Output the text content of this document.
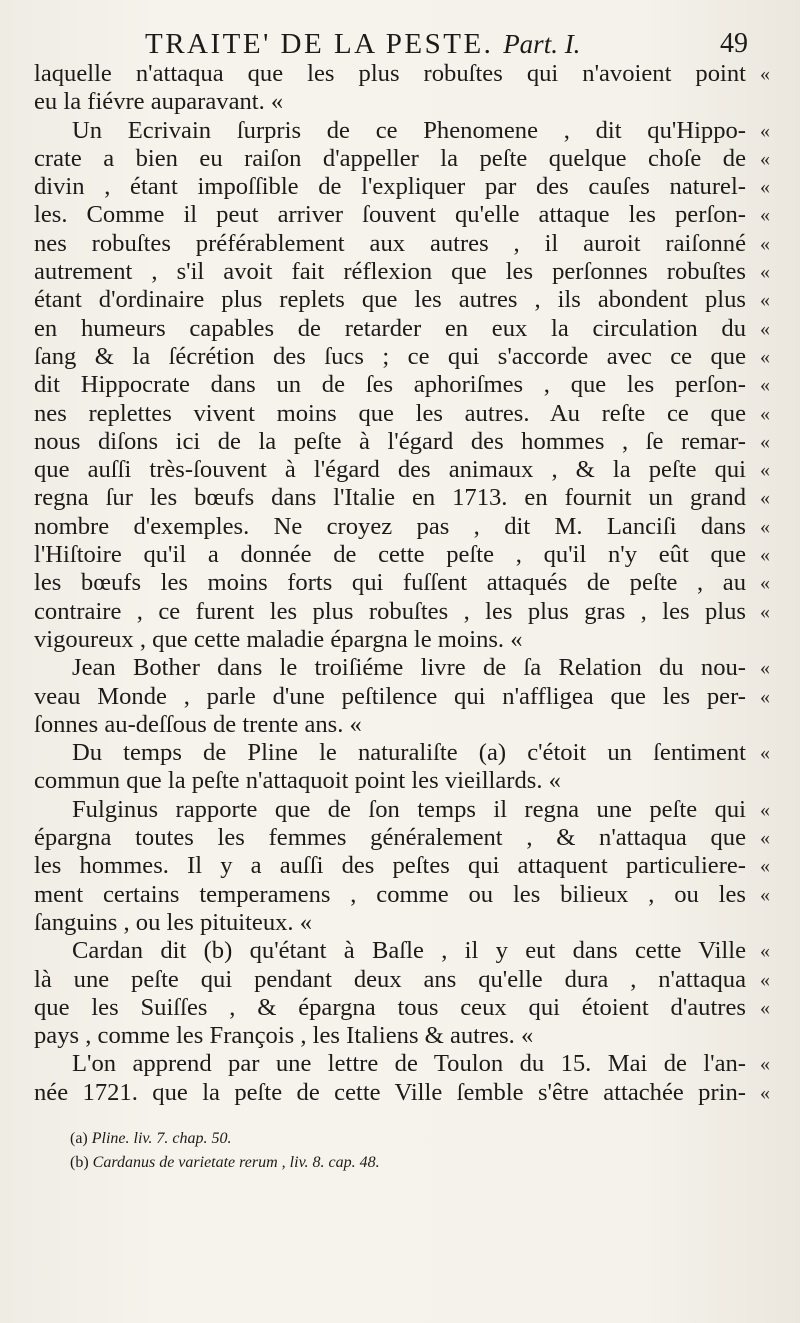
TRAITE' DE LA PESTE. Part. I.	49
laquelle n'attaqua que les plus robuſtes qui n'avoient point «
eu la fiévre auparavant. «
Un Ecrivain ſurpris de ce Phenomene , dit qu'Hippo- «
crate a bien eu raiſon d'appeller la peſte quelque choſe de «
divin , étant impoſſible de l'expliquer par des cauſes naturel- «
les. Comme il peut arriver ſouvent qu'elle attaque les perſon- «
nes robuſtes préférablement aux autres , il auroit raiſonné «
autrement , s'il avoit fait réflexion que les perſonnes robuſtes «
étant d'ordinaire plus replets que les autres , ils abondent plus «
en humeurs capables de retarder en eux la circulation du «
ſang & la ſécrétion des ſucs ; ce qui s'accorde avec ce que «
dit Hippocrate dans un de ſes aphoriſmes , que les perſon- «
nes replettes vivent moins que les autres. Au reſte ce que «
nous diſons ici de la peſte à l'égard des hommes , ſe remar- «
que auſſi très-ſouvent à l'égard des animaux , & la peſte qui «
regna ſur les bœufs dans l'Italie en 1713. en fournit un grand «
nombre d'exemples. Ne croyez pas , dit M. Lanciſi dans «
l'Hiſtoire qu'il a donnée de cette peſte , qu'il n'y eût que «
les bœufs les moins forts qui fuſſent attaqués de peſte , au «
contraire , ce furent les plus robuſtes , les plus gras , les plus «
vigoureux , que cette maladie épargna le moins. «
Jean Bother dans le troiſiéme livre de ſa Relation du nou- «
veau Monde , parle d'une peſtilence qui n'affligea que les per- «
ſonnes au-deſſous de trente ans. «
Du temps de Pline le naturaliſte (a) c'étoit un ſentiment «
commun que la peſte n'attaquoit point les vieillards. «
Fulginus rapporte que de ſon temps il regna une peſte qui «
épargna toutes les femmes généralement , & n'attaqua que «
les hommes. Il y a auſſi des peſtes qui attaquent particuliere- «
ment certains temperamens , comme ou les bilieux , ou les «
ſanguins , ou les pituiteux. «
Cardan dit (b) qu'étant à Baſle , il y eut dans cette Ville «
là une peſte qui pendant deux ans qu'elle dura , n'attaqua «
que les Suiſſes , & épargna tous ceux qui étoient d'autres «
pays , comme les François , les Italiens & autres. «
L'on apprend par une lettre de Toulon du 15. Mai de l'an- «
née 1721. que la peſte de cette Ville ſemble s'être attachée prin- «
(a) Pline. liv. 7. chap. 50.
(b) Cardanus de varietate rerum , liv. 8. cap. 48.
